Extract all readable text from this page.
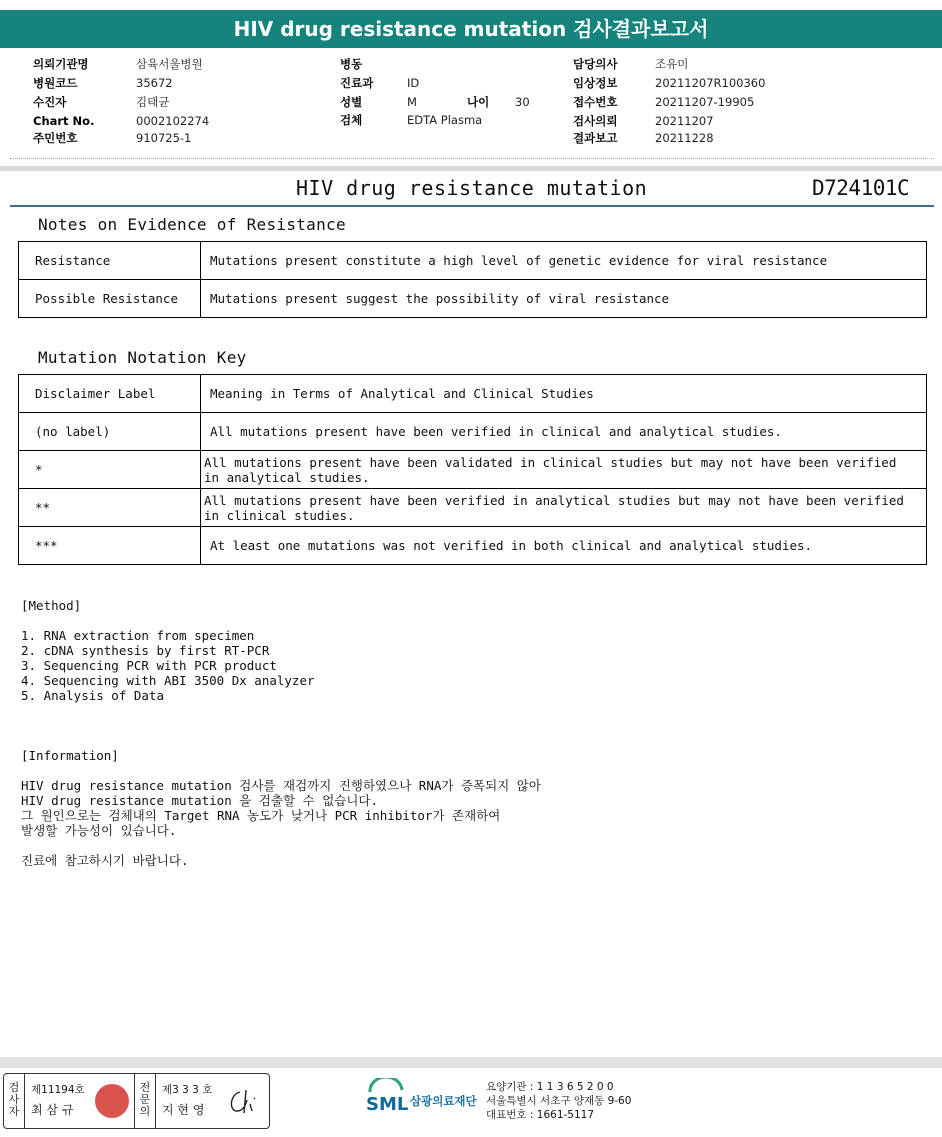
HIV drug resistance mutation 검사결과보고서
의뢰기관명	삼육서울병원
병원코드	35672
수진자	김태균
Chart No.	0002102274
주민번호	910725-1
병동
진료과	ID
성별	M	나이 30
검체	EDTA Plasma
담당의사	조유미
임상정보	20211207R100360
접수번호	20211207-19905
검사의뢰	20211207
결과보고	20211228
HIV drug resistance mutation	D724101C
Notes on Evidence of Resistance
Resistance	Mutations present constitute a high level of genetic evidence for viral resistance
Possible Resistance	Mutations present suggest the possibility of viral resistance
Mutation Notation Key
Disclaimer Label	Meaning in Terms of Analytical and Clinical Studies
(no label)	All mutations present have been verified in clinical and analytical studies.
*	All mutations present have been validated in clinical studies but may not have been verified in analytical studies.
**	All mutations present have been verified in analytical studies but may not have been verified in clinical studies.
***	At least one mutations was not verified in both clinical and analytical studies.
[Method]
1. RNA extraction from specimen
2. cDNA synthesis by first RT-PCR
3. Sequencing PCR with PCR product
4. Sequencing with ABI 3500 Dx analyzer
5. Analysis of Data
[Information]
HIV drug resistance mutation 검사를 재검까지 진행하였으나 RNA가 증폭되지 않아
HIV drug resistance mutation 을 검출할 수 없습니다.
그 원인으로는 검체내의 Target RNA 농도가 낮거나 PCR inhibitor가 존재하여
발생할 가능성이 있습니다.
진료에 참고하시기 바랍니다.
검사자
제11194호
최 삼 규
전문의
제3 3 3 호
지 현 영	SML 삼광의료재단
요양기관 : 1 1 3 6 5 2 0 0
서울특별시 서초구 양재동 9-60
대표번호 : 1661-5117
